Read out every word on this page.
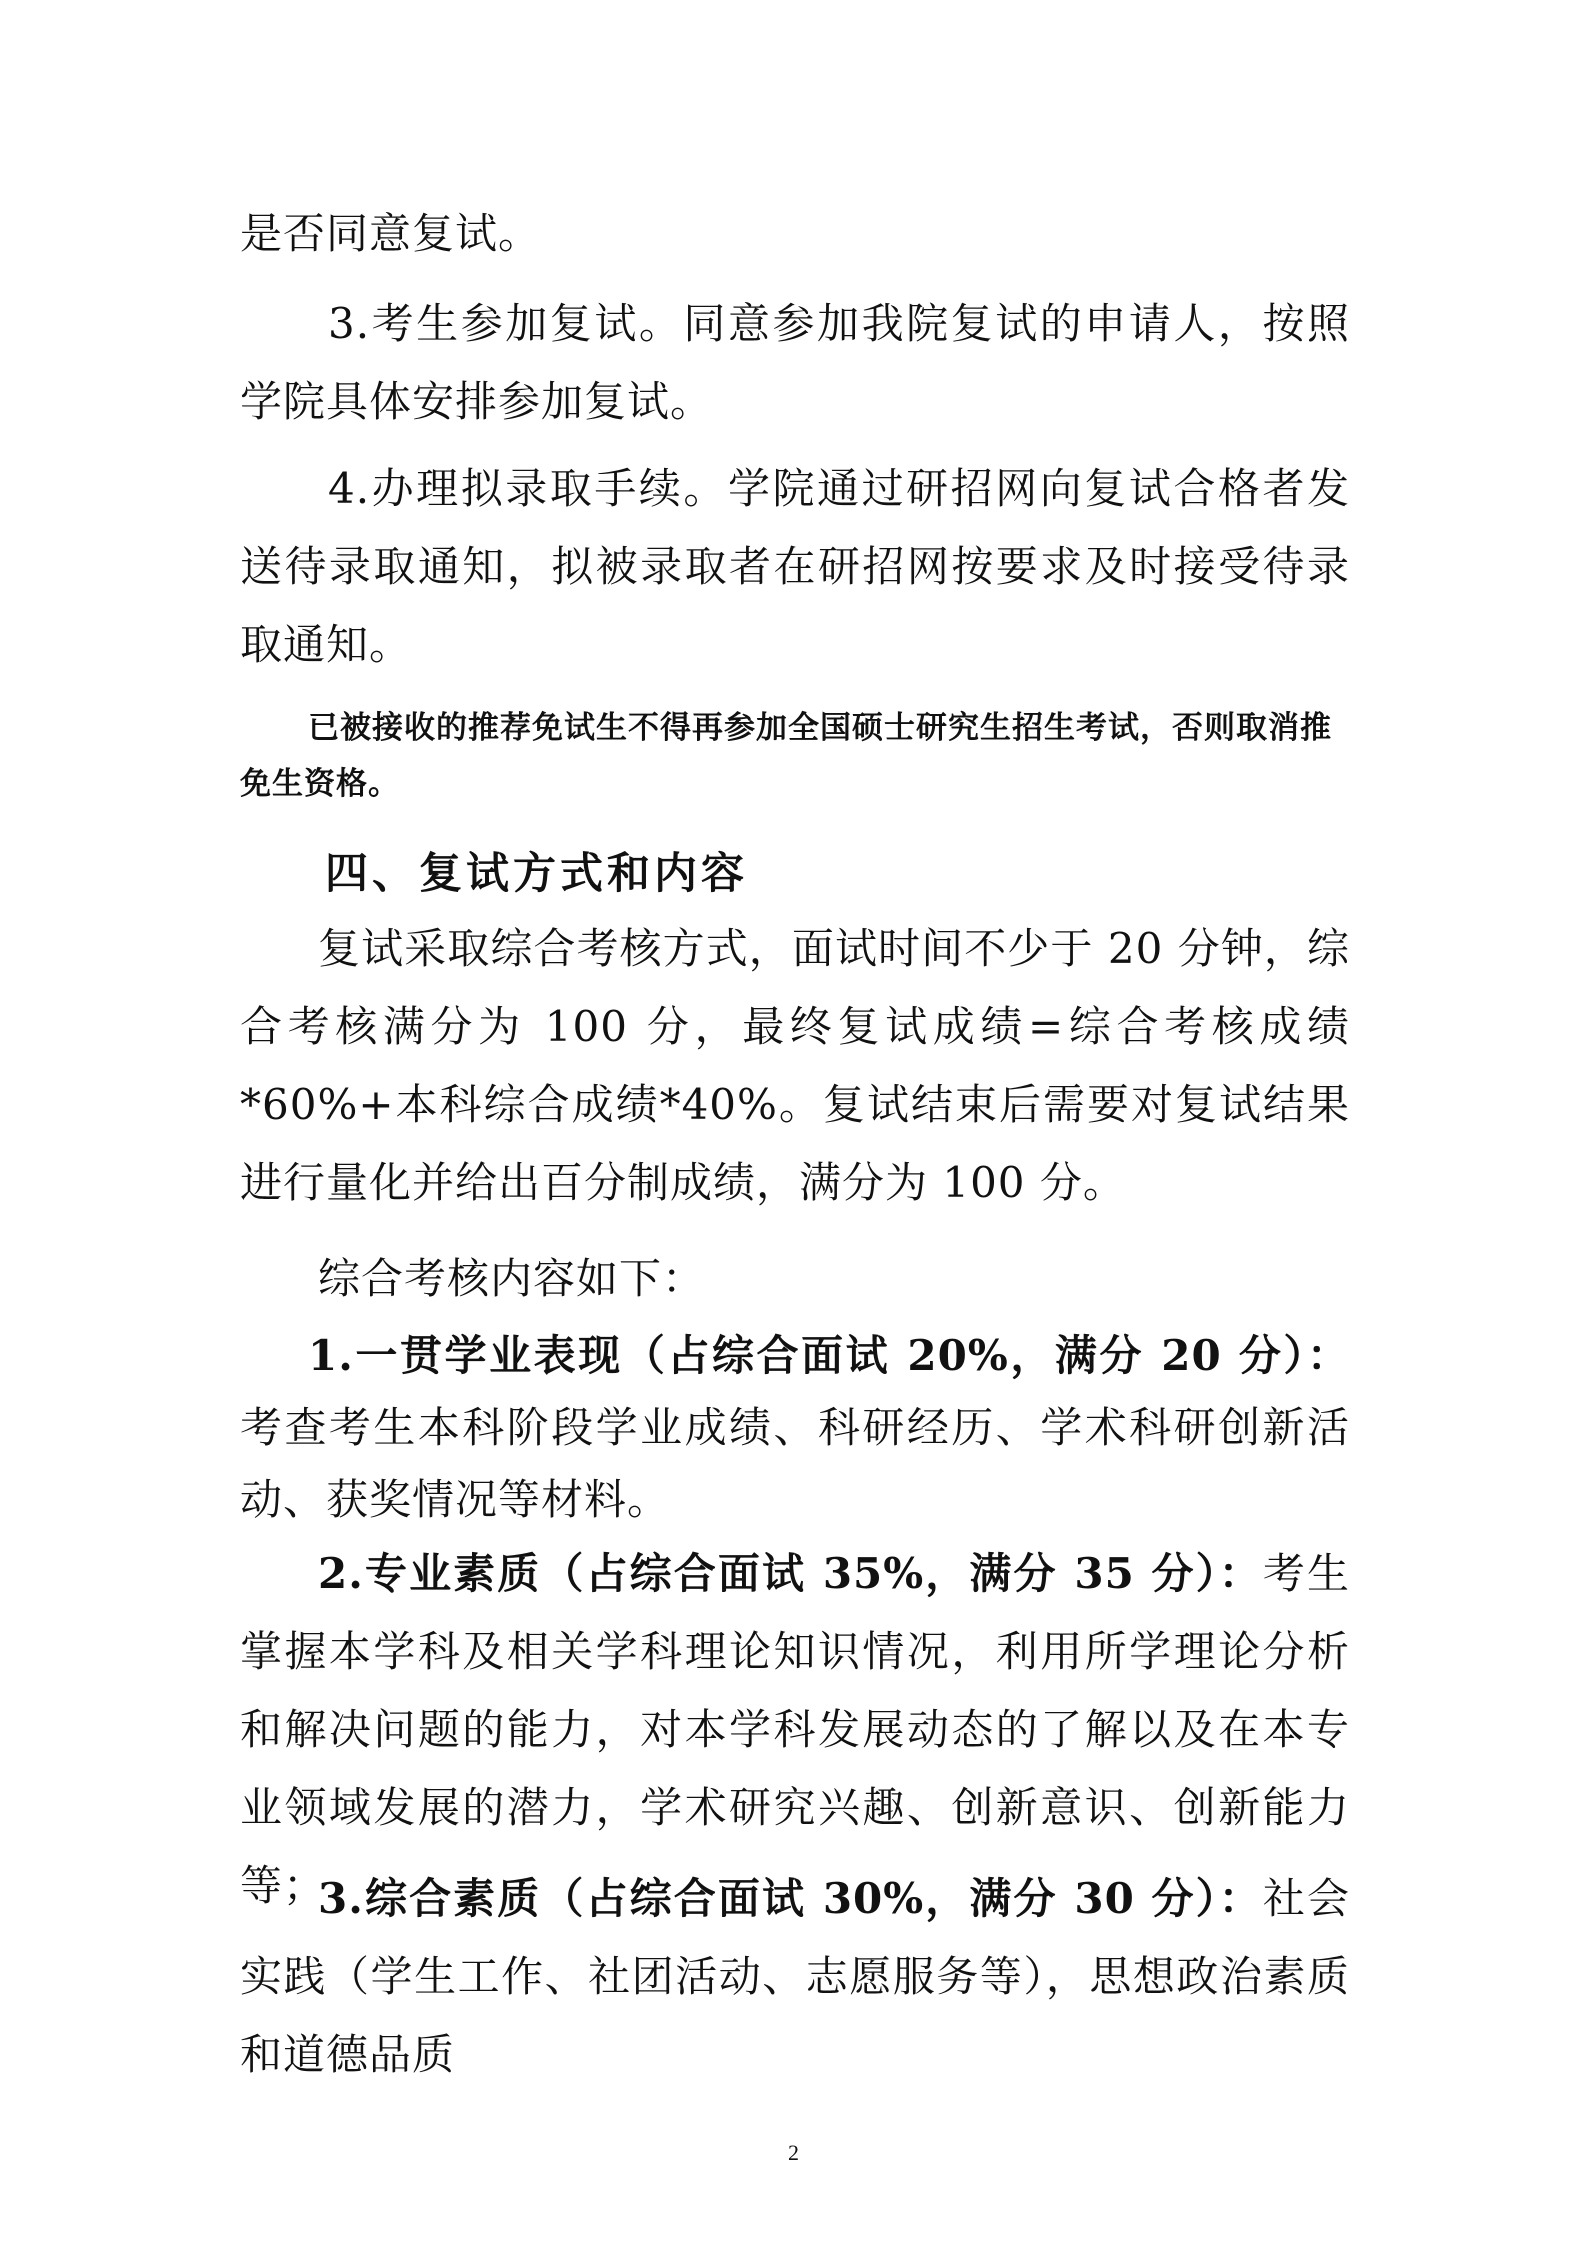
是否同意复试。
3.考生参加复试。同意参加我院复试的申请人，按照学院具体安排参加复试。
4.办理拟录取手续。学院通过研招网向复试合格者发送待录取通知，拟被录取者在研招网按要求及时接受待录取通知。
已被接收的推荐免试生不得再参加全国硕士研究生招生考试，否则取消推免生资格。
四、复试方式和内容
复试采取综合考核方式，面试时间不少于 20 分钟，综合考核满分为 100 分，最终复试成绩=综合考核成绩*60%+本科综合成绩*40%。复试结束后需要对复试结果进行量化并给出百分制成绩，满分为 100 分。
综合考核内容如下：
1.一贯学业表现（占综合面试 20%，满分 20 分）：考查考生本科阶段学业成绩、科研经历、学术科研创新活动、获奖情况等材料。
2.专业素质（占综合面试 35%，满分 35 分）：考生掌握本学科及相关学科理论知识情况，利用所学理论分析和解决问题的能力，对本学科发展动态的了解以及在本专业领域发展的潜力，学术研究兴趣、创新意识、创新能力等；
3.综合素质（占综合面试 30%，满分 30 分）：社会实践（学生工作、社团活动、志愿服务等），思想政治素质和道德品质
2
